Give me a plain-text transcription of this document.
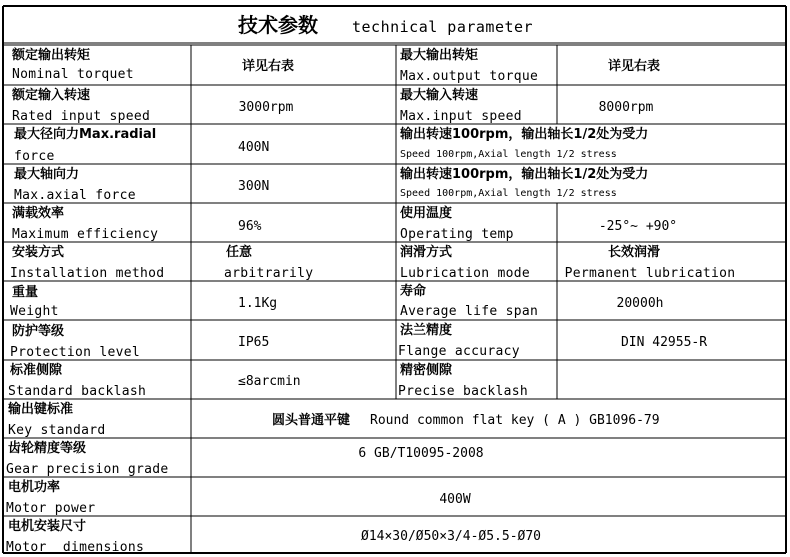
技术参数 technical parameter
额定输出转矩
Nominal torquet
详见右表
最大输出转矩
Max.output torque
详见右表
额定输入转速
Rated input speed
3000rpm
最大输入转速
Max.input speed
8000rpm
最大径向力Max.radial
force
400N
输出转速100rpm，输出轴长1/2处为受力
Speed 100rpm,Axial length 1/2 stress
最大轴向力
Max.axial force
300N
输出转速100rpm，输出轴长1/2处为受力
Speed 100rpm,Axial length 1/2 stress
满载效率
Maximum efficiency
96%
使用温度
Operating temp
-25°~ +90°
安装方式
Installation method
任意
arbitrarily
润滑方式
Lubrication mode
长效润滑
Permanent lubrication
重量
Weight
1.1Kg
寿命
Average life span
20000h
防护等级
Protection level
IP65
法兰精度
Flange accuracy
DIN 42955-R
标准侧隙
Standard backlash
≤8arcmin
精密侧隙
Precise backlash
输出键标准
Key standard
圆头普通平键 Round common flat key ( A ) GB1096-79
齿轮精度等级
Gear precision grade
6 GB/T10095-2008
电机功率
Motor power
400W
电机安装尺寸
Motor  dimensions
Ø14×30/Ø50×3/4-Ø5.5-Ø70
